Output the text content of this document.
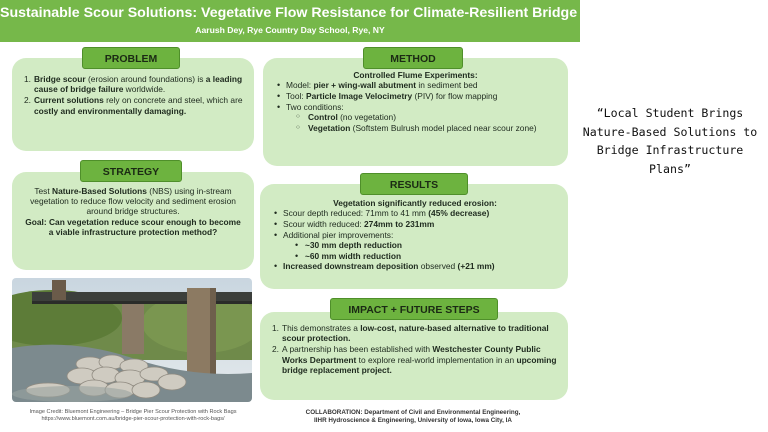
Sustainable Scour Solutions: Vegetative Flow Resistance for Climate-Resilient Bridge Design
Aarush Dey, Rye Country Day School, Rye, NY
1. Bridge scour (erosion around foundations) is a leading cause of bridge failure worldwide.
2. Current solutions rely on concrete and steel, which are costly and environmentally damaging.
PROBLEM
Test Nature-Based Solutions (NBS) using in-stream vegetation to reduce flow velocity and sediment erosion around bridge structures.
Goal: Can vegetation reduce scour enough to become a viable infrastructure protection method?
STRATEGY
Image Credit: Bluemont Engineering – Bridge Pier Scour Protection with Rock Bags
https://www.bluemont.com.au/bridge-pier-scour-protection-with-rock-bags/
Controlled Flume Experiments:
• Model: pier + wing-wall abutment in sediment bed
• Tool: Particle Image Velocimetry (PIV) for flow mapping
• Two conditions:
○ Control (no vegetation)
○ Vegetation (Softstem Bulrush model placed near scour zone)
METHOD
Vegetation significantly reduced erosion:
• Scour depth reduced: 71mm to 41 mm (45% decrease)
• Scour width reduced: 274mm to 231mm
• Additional pier improvements:
• ~30 mm depth reduction
• ~60 mm width reduction
• Increased downstream deposition observed (+21 mm)
RESULTS
1. This demonstrates a low-cost, nature-based alternative to traditional scour protection.
2. A partnership has been established with Westchester County Public Works Department to explore real-world implementation in an upcoming bridge replacement project.
IMPACT + FUTURE STEPS
COLLABORATION: Department of Civil and Environmental Engineering,
IIHR Hydroscience & Engineering, University of Iowa, Iowa City, IA
“Local Student Brings Nature-Based Solutions to Bridge Infrastructure Plans”
